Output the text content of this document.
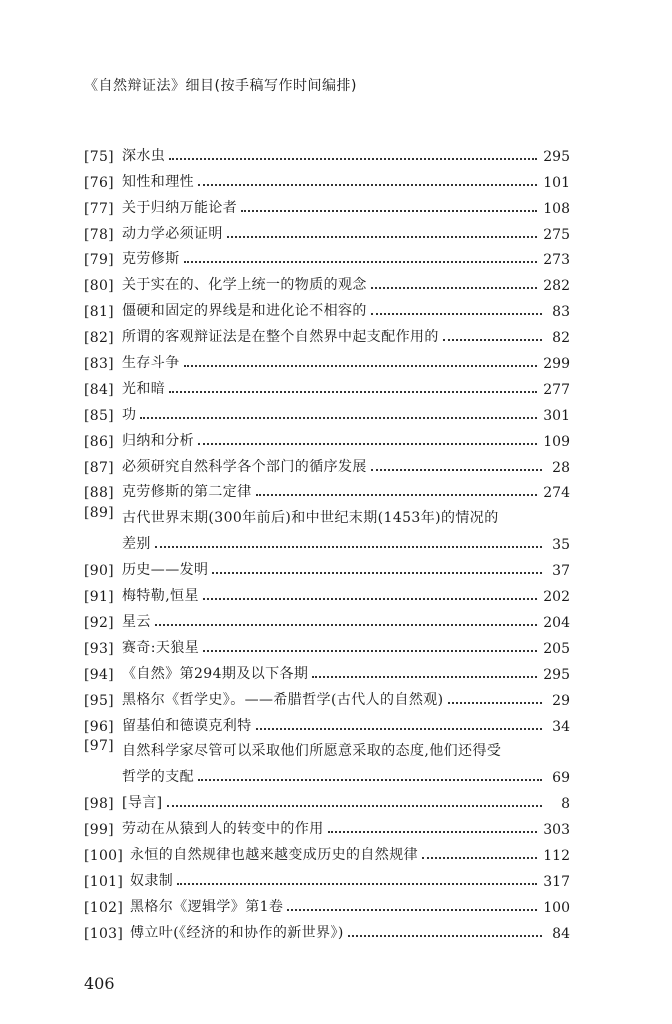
《自然辩证法》细目(按手稿写作时间编排)
[75] 深水虫	295
[76] 知性和理性	101
[77] 关于归纳万能论者	108
[78] 动力学必须证明	275
[79] 克劳修斯	273
[80] 关于实在的、化学上统一的物质的观念	282
[81] 僵硬和固定的界线是和进化论不相容的	83
[82] 所谓的客观辩证法是在整个自然界中起支配作用的	82
[83] 生存斗争	299
[84] 光和暗	277
[85] 功	301
[86] 归纳和分析	109
[87] 必须研究自然科学各个部门的循序发展	28
[88] 克劳修斯的第二定律	274
[89] 古代世界末期(300年前后)和中世纪末期(1453年)的情况的
差别	35
[90] 历史——发明	37
[91] 梅特勒,恒星	202
[92] 星云	204
[93] 赛奇:天狼星	205
[94] 《自然》第294期及以下各期	295
[95] 黑格尔《哲学史》。——希腊哲学(古代人的自然观)	29
[96] 留基伯和德谟克利特	34
[97] 自然科学家尽管可以采取他们所愿意采取的态度,他们还得受
哲学的支配	69
[98] [导言]	8
[99] 劳动在从猿到人的转变中的作用	303
[100] 永恒的自然规律也越来越变成历史的自然规律	112
[101] 奴隶制	317
[102] 黑格尔《逻辑学》第1卷	100
[103] 傅立叶(《经济的和协作的新世界》)	84
406
